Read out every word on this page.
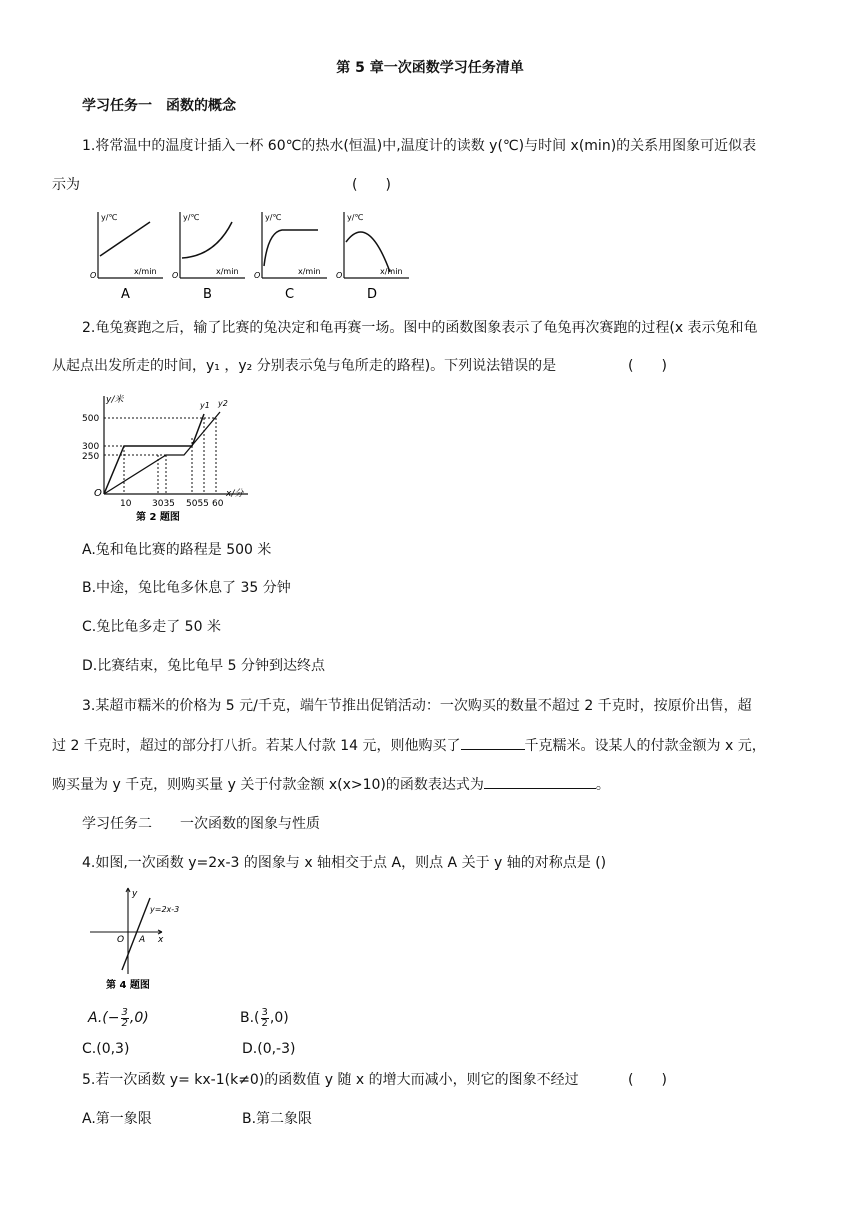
第 5 章一次函数学习任务清单
学习任务一　函数的概念
1.将常温中的温度计插入一杯 60℃的热水(恒温)中,温度计的读数 y(℃)与时间 x(min)的关系用图象可近似表
示为	(　　)
y/℃
x/min
O
A
y/℃
x/min
O
B
y/℃
x/min
O
C
y/℃
x/min
O
D
2.龟兔赛跑之后，输了比赛的兔决定和龟再赛一场。图中的函数图象表示了龟兔再次赛跑的过程(x 表示兔和龟
从起点出发所走的时间，y₁ ，y₂ 分别表示兔与龟所走的路程)。下列说法错误的是	(　　)
y/米
x/分
O
500
300
250
y1 y2
10 3035 5055 60
第 2 题图
A.兔和龟比赛的路程是 500 米
B.中途，兔比龟多休息了 35 分钟
C.兔比龟多走了 50 米
D.比赛结束，兔比龟早 5 分钟到达终点
3.某超市糯米的价格为 5 元/千克，端午节推出促销活动：一次购买的数量不超过 2 千克时，按原价出售，超
过 2 千克时，超过的部分打八折。若某人付款 14 元，则他购买了	千克糯米。设某人的付款金额为 x 元，
购买量为 y 千克，则购买量 y 关于付款金额 x(x>10)的函数表达式为	。
学习任务二　　一次函数的图象与性质
4.如图,一次函数 y=2x-3 的图象与 x 轴相交于点 A，则点 A 关于 y 轴的对称点是 ()
y
x
O A
y=2x-3
第 4 题图
$A.(- \frac{3}{2} ,0)$	$B.( \frac{3}{2} ,0)$
C.(0,3)	D.(0,-3)
5.若一次函数 y= kx-1(k≠0)的函数值 y 随 x 的增大而减小，则它的图象不经过	(　　)
A.第一象限	B.第二象限
